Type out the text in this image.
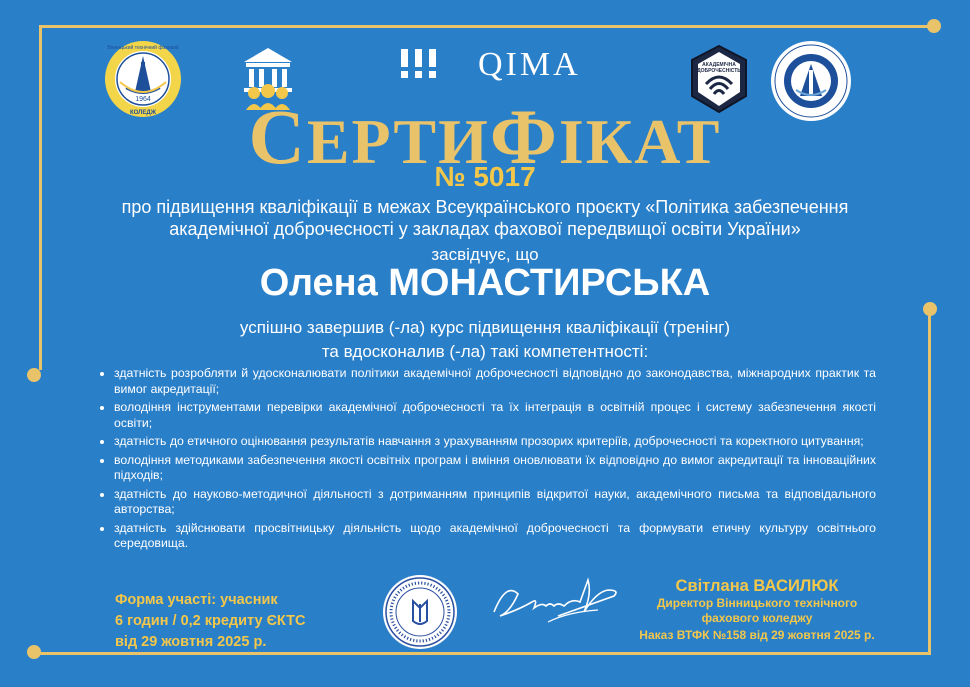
1964
Вінницький технічний фаховий
КОЛЕДЖ
QIMA	АКАДЕМІЧНА
ДОБРОЧЕСНІСТЬ
СЕРТИФІКАТ
№ 5017
про підвищення кваліфікації в межах Всеукраїнського проєкту «Політика забезпечення
академічної доброчесності у закладах фахової передвищої освіти України»
засвідчує, що
Олена МОНАСТИРСЬКА
успішно завершив (-ла) курс підвищення кваліфікації (тренінг)
та вдосконалив (-ла) такі компетентності:
• здатність розробляти й удосконалювати політики академічної доброчесності відповідно до законодавства, міжнародних практик та вимог акредитації;
• володіння інструментами перевірки академічної доброчесності та їх інтеграція в освітній процес і систему забезпечення якості освіти;
• здатність до етичного оцінювання результатів навчання з урахуванням прозорих критеріїв, доброчесності та коректного цитування;
• володіння методиками забезпечення якості освітніх програм і вміння оновлювати їх відповідно до вимог акредитації та інноваційних підходів;
• здатність до науково-методичної діяльності з дотриманням принципів відкритої науки, академічного письма та відповідального авторства;
• здатність здійснювати просвітницьку діяльність щодо академічної доброчесності та формувати етичну культуру освітнього середовища.
Форма участі: учасник
6 годин / 0,2 кредиту ЄКТС
від 29 жовтня 2025 р.
Світлана ВАСИЛЮК
Директор Вінницького технічного
фахового коледжу
Наказ ВТФК №158 від 29 жовтня 2025 р.
